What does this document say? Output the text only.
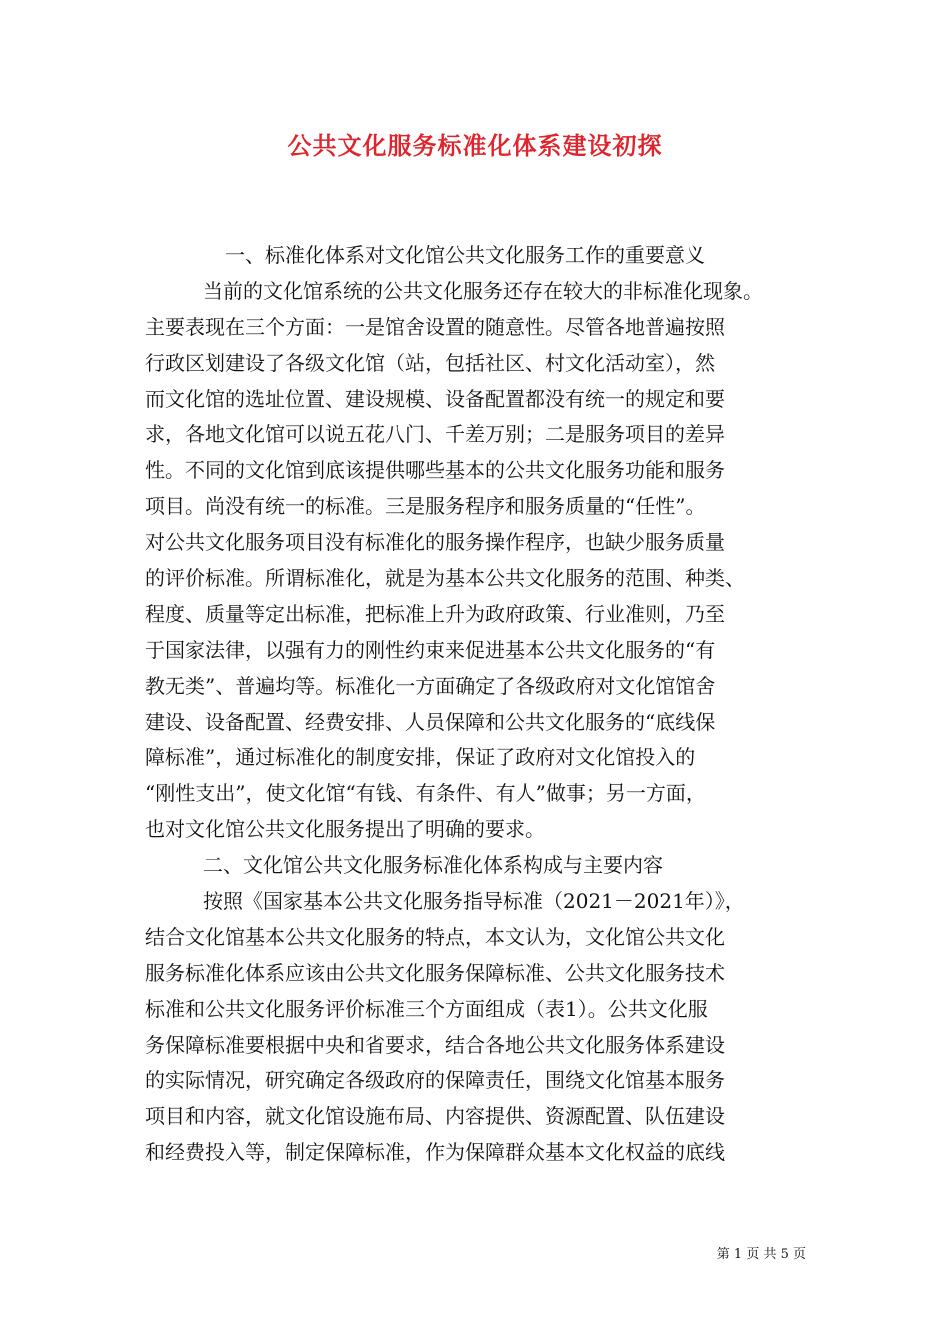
公共文化服务标准化体系建设初探
一、标准化体系对文化馆公共文化服务工作的重要意义
当前的文化馆系统的公共文化服务还存在较大的非标准化现象。
主要表现在三个方面：一是馆舍设置的随意性。尽管各地普遍按照
行政区划建设了各级文化馆（站，包括社区、村文化活动室），然
而文化馆的选址位置、建设规模、设备配置都没有统一的规定和要
求，各地文化馆可以说五花八门、千差万别；二是服务项目的差异
性。不同的文化馆到底该提供哪些基本的公共文化服务功能和服务
项目。尚没有统一的标准。三是服务程序和服务质量的“任性”。
对公共文化服务项目没有标准化的服务操作程序，也缺少服务质量
的评价标准。所谓标准化，就是为基本公共文化服务的范围、种类、
程度、质量等定出标准，把标准上升为政府政策、行业准则，乃至
于国家法律，以强有力的刚性约束来促进基本公共文化服务的“有
教无类”、普遍均等。标准化一方面确定了各级政府对文化馆馆舍
建设、设备配置、经费安排、人员保障和公共文化服务的“底线保
障标准”，通过标准化的制度安排，保证了政府对文化馆投入的
“刚性支出”，使文化馆“有钱、有条件、有人”做事；另一方面，
也对文化馆公共文化服务提出了明确的要求。
二、文化馆公共文化服务标准化体系构成与主要内容
按照《国家基本公共文化服务指导标准（2021－2021年）》，
结合文化馆基本公共文化服务的特点，本文认为，文化馆公共文化
服务标准化体系应该由公共文化服务保障标准、公共文化服务技术
标准和公共文化服务评价标准三个方面组成（表1）。公共文化服
务保障标准要根据中央和省要求，结合各地公共文化服务体系建设
的实际情况，研究确定各级政府的保障责任，围绕文化馆基本服务
项目和内容，就文化馆设施布局、内容提供、资源配置、队伍建设
和经费投入等，制定保障标准，作为保障群众基本文化权益的底线
第 1 页 共 5 页
